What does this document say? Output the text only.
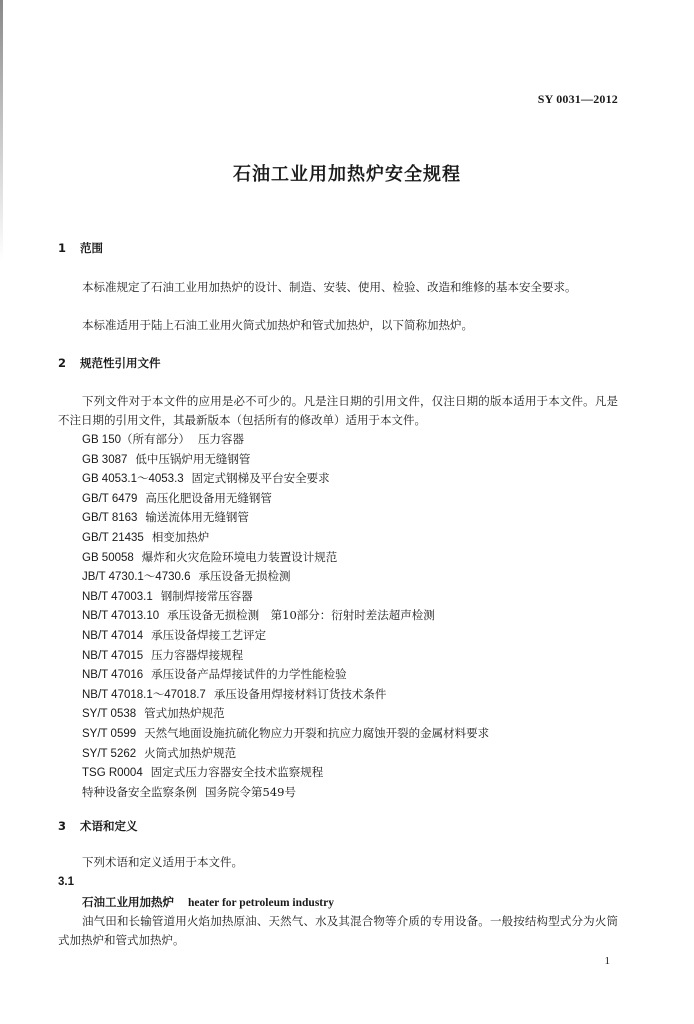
SY 0031—2012
石油工业用加热炉安全规程
1 范围
本标准规定了石油工业用加热炉的设计、制造、安装、使用、检验、改造和维修的基本安全要求。
本标准适用于陆上石油工业用火筒式加热炉和管式加热炉，以下简称加热炉。
2 规范性引用文件
下列文件对于本文件的应用是必不可少的。凡是注日期的引用文件，仅注日期的版本适用于本文件。凡是不注日期的引用文件，其最新版本（包括所有的修改单）适用于本文件。
GB 150（所有部分） 压力容器
GB 3087 低中压锅炉用无缝钢管
GB 4053.1～4053.3 固定式钢梯及平台安全要求
GB/T 6479 高压化肥设备用无缝钢管
GB/T 8163 输送流体用无缝钢管
GB/T 21435 相变加热炉
GB 50058 爆炸和火灾危险环境电力装置设计规范
JB/T 4730.1～4730.6 承压设备无损检测
NB/T 47003.1 钢制焊接常压容器
NB/T 47013.10 承压设备无损检测　第10部分：衍射时差法超声检测
NB/T 47014 承压设备焊接工艺评定
NB/T 47015 压力容器焊接规程
NB/T 47016 承压设备产品焊接试件的力学性能检验
NB/T 47018.1～47018.7 承压设备用焊接材料订货技术条件
SY/T 0538 管式加热炉规范
SY/T 0599 天然气地面设施抗硫化物应力开裂和抗应力腐蚀开裂的金属材料要求
SY/T 5262 火筒式加热炉规范
TSG R0004 固定式压力容器安全技术监察规程
特种设备安全监察条例 国务院令第549号
3 术语和定义
下列术语和定义适用于本文件。
3.1
石油工业用加热炉 heater for petroleum industry
油气田和长输管道用火焰加热原油、天然气、水及其混合物等介质的专用设备。一般按结构型式分为火筒式加热炉和管式加热炉。
1
